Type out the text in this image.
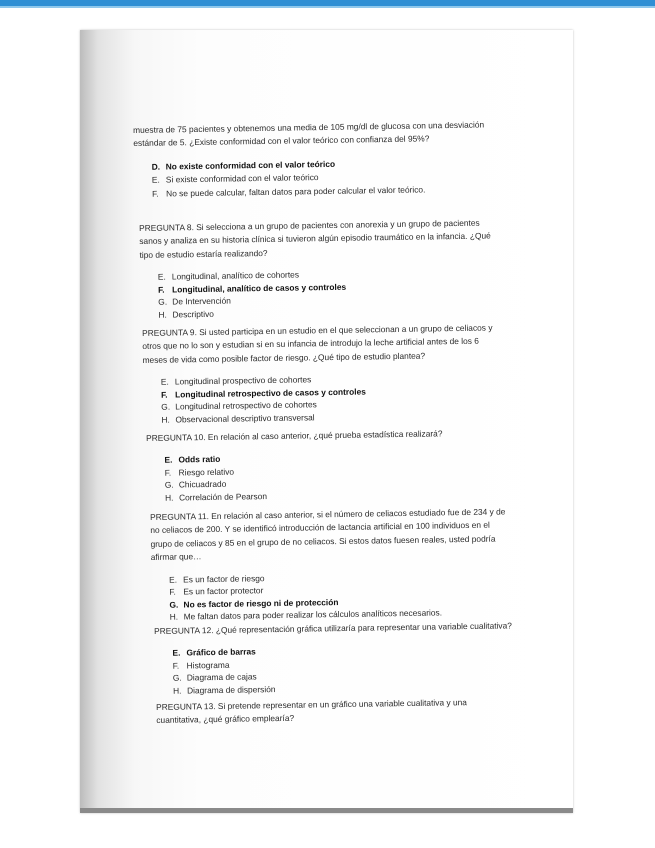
muestra de 75 pacientes y obtenemos una media de 105 mg/dl de glucosa con una desviación

estándar de 5. ¿Existe conformidad con el valor teórico con confianza del 95%?

D. No existe conformidad con el valor teórico
E. Si existe conformidad con el valor teórico
F. No se puede calcular, faltan datos para poder calcular el valor teórico.

PREGUNTA 8. Si selecciona a un grupo de pacientes con anorexia y un grupo de pacientes

sanos y analiza en su historia clínica si tuvieron algún episodio traumático en la infancia. ¿Qué

tipo de estudio estaría realizando?

E. Longitudinal, analítico de cohortes
F. Longitudinal, analítico de casos y controles
G. De Intervención
H. Descriptivo

PREGUNTA 9. Si usted participa en un estudio en el que seleccionan a un grupo de celiacos y

otros que no lo son y estudian si en su infancia de introdujo la leche artificial antes de los 6

meses de vida como posible factor de riesgo. ¿Qué tipo de estudio plantea?

E. Longitudinal prospectivo de cohortes
F. Longitudinal retrospectivo de casos y controles
G. Longitudinal retrospectivo de cohortes
H. Observacional descriptivo transversal

PREGUNTA 10. En relación al caso anterior, ¿qué prueba estadística realizará?

E. Odds ratio
F. Riesgo relativo
G. Chicuadrado
H. Correlación de Pearson

PREGUNTA 11. En relación al caso anterior, si el número de celiacos estudiado fue de 234 y de

no celiacos de 200. Y se identificó introducción de lactancia artificial en 100 individuos en el

grupo de celiacos y 85 en el grupo de no celiacos. Si estos datos fuesen reales, usted podría

afirmar que…

E. Es un factor de riesgo
F. Es un factor protector
G. No es factor de riesgo ni de protección
H. Me faltan datos para poder realizar los cálculos analíticos necesarios.

PREGUNTA 12. ¿Qué representación gráfica utilizaría para representar una variable cualitativa?

E. Gráfico de barras
F. Histograma
G. Diagrama de cajas
H. Diagrama de dispersión

PREGUNTA 13. Si pretende representar en un gráfico una variable cualitativa y una

cuantitativa, ¿qué gráfico emplearía?
